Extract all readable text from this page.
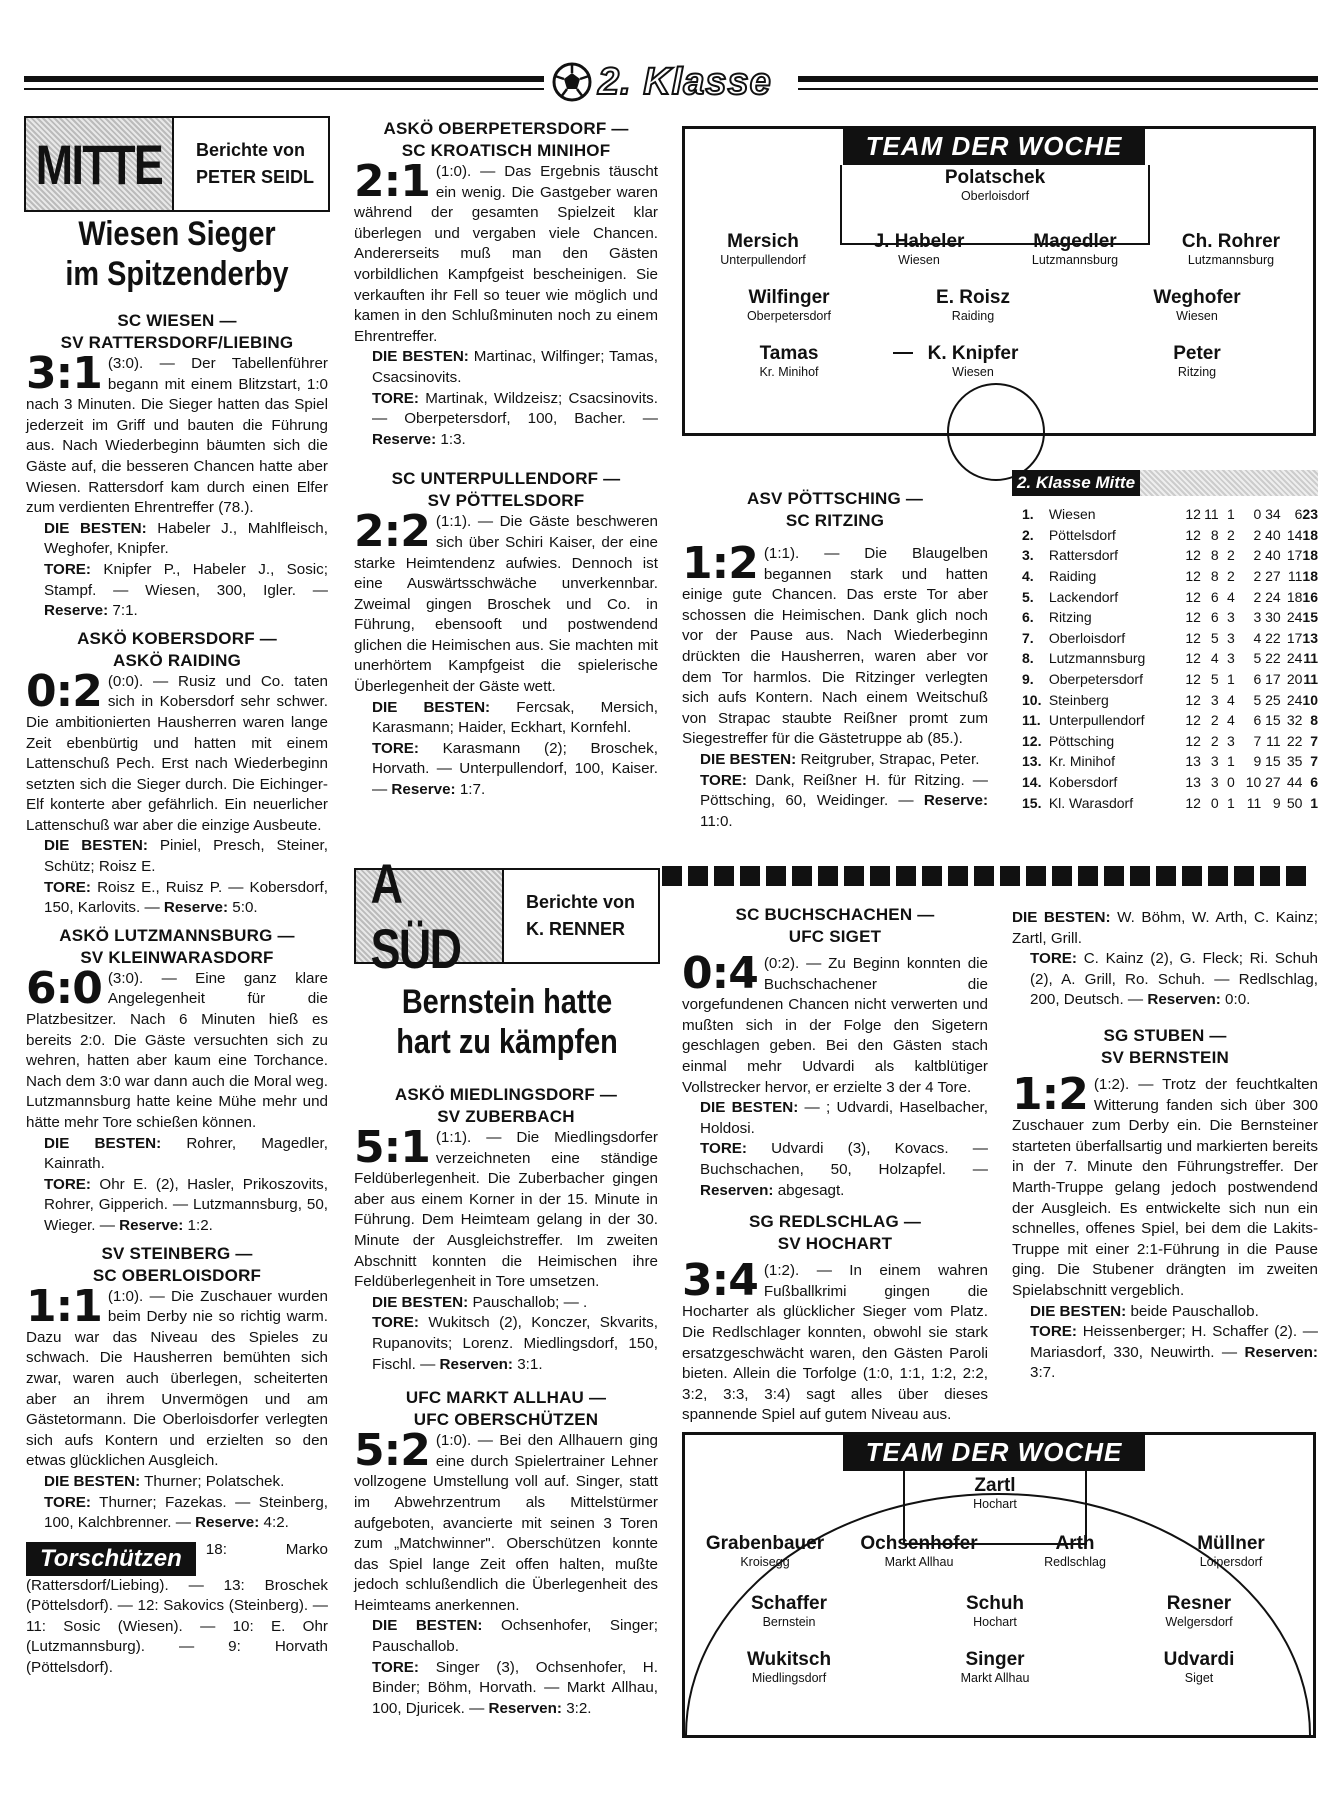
2. Klasse
MITTE Berichte von
PETER SEIDL
Wiesen Sieger
im Spitzenderby

SC WIESEN —

SV RATTERSDORF/LIEBING

3:1 (3:0). — Der Tabellenführer begann mit einem Blitzstart, 1:0 nach 3 Minuten. Die Sieger hatten das Spiel jederzeit im Griff und bauten die Führung aus. Nach Wiederbeginn bäumten sich die Gäste auf, die besseren Chancen hatte aber Wiesen. Rattersdorf kam durch einen Elfer zum verdienten Ehrentreffer (78.).
DIE BESTEN: Habeler J., Mahlfleisch, Weghofer, Knipfer.
TORE: Knipfer P., Habeler J., Sosic; Stampf. — Wiesen, 300, Igler. — Reserve: 7:1.

ASKÖ KOBERSDORF —

ASKÖ RAIDING

0:2 (0:0). — Rusiz und Co. taten sich in Kobersdorf sehr schwer. Die ambitionierten Hausherren waren lange Zeit ebenbürtig und hatten mit einem Lattenschuß Pech. Erst nach Wiederbeginn setzten sich die Sieger durch. Die Eichinger-Elf konterte aber gefährlich. Ein neuerlicher Lattenschuß war aber die einzige Ausbeute.
DIE BESTEN: Piniel, Presch, Steiner, Schütz; Roisz E.
TORE: Roisz E., Ruisz P. — Kobersdorf, 150, Karlovits. — Reserve: 5:0.

ASKÖ LUTZMANNSBURG —

SV KLEINWARASDORF

6:0 (3:0). — Eine ganz klare Angelegenheit für die Platzbesitzer. Nach 6 Minuten hieß es bereits 2:0. Die Gäste versuchten sich zu wehren, hatten aber kaum eine Torchance. Nach dem 3:0 war dann auch die Moral weg. Lutzmannsburg hatte keine Mühe mehr und hätte mehr Tore schießen können.
DIE BESTEN: Rohrer, Magedler, Kainrath.
TORE: Ohr E. (2), Hasler, Prikoszovits, Rohrer, Gipperich. — Lutzmannsburg, 50, Wieger. — Reserve: 1:2.

SV STEINBERG —

SC OBERLOISDORF

1:1 (1:0). — Die Zuschauer wurden beim Derby nie so richtig warm. Dazu war das Niveau des Spieles zu schwach. Die Hausherren bemühten sich zwar, waren auch überlegen, scheiterten aber an ihrem Unvermögen und am Gästetormann. Die Oberloisdorfer verlegten sich aufs Kontern und erzielten so den etwas glücklichen Ausgleich.
DIE BESTEN: Thurner; Polatschek.
TORE: Thurner; Fazekas. — Steinberg, 100, Kalchbrenner. — Reserve: 4:2.

Torschützen	18: Marko (Rattersdorf/Liebing). — 13: Broschek (Pöttelsdorf). — 12: Sakovics (Steinberg). — 11: Sosic (Wiesen). — 10: E. Ohr (Lutzmannsburg). — 9: Horvath (Pöttelsdorf).

ASKÖ OBERPETERSDORF —

SC KROATISCH MINIHOF

2:1 (1:0). — Das Ergebnis täuscht ein wenig. Die Gastgeber waren während der gesamten Spielzeit klar überlegen und vergaben viele Chancen. Andererseits muß man den Gästen vorbildlichen Kampfgeist bescheinigen. Sie verkauften ihr Fell so teuer wie möglich und kamen in den Schlußminuten noch zu einem Ehrentreffer.
DIE BESTEN: Martinac, Wilfinger; Tamas, Csacsinovits.
TORE: Martinak, Wildzeisz; Csacsinovits. — Oberpetersdorf, 100, Bacher. — Reserve: 1:3.

SC UNTERPULLENDORF —

SV PÖTTELSDORF

2:2 (1:1). — Die Gäste beschweren sich über Schiri Kaiser, der eine starke Heimtendenz aufwies. Dennoch ist eine Auswärtsschwäche unverkennbar. Zweimal gingen Broschek und Co. in Führung, ebensooft und postwendend glichen die Heimischen aus. Sie machten mit unerhörtem Kampfgeist die spielerische Überlegenheit der Gäste wett.
DIE BESTEN: Fercsak, Mersich, Karasmann; Haider, Eckhart, Kornfehl.
TORE: Karasmann (2); Broschek, Horvath. — Unterpullendorf, 100, Kaiser. — Reserve: 1:7.

A SÜD
Berichte von
K. RENNER
Bernstein hatte
hart zu kämpfen

ASKÖ MIEDLINGSDORF —

SV ZUBERBACH

5:1 (1:1). — Die Miedlingsdorfer verzeichneten eine ständige Feldüberlegenheit. Die Zuberbacher gingen aber aus einem Korner in der 15. Minute in Führung. Dem Heimteam gelang in der 30. Minute der Ausgleichstreffer. Im zweiten Abschnitt konnten die Heimischen ihre Feldüberlegenheit in Tore umsetzen.
DIE BESTEN: Pauschallob; — .
TORE: Wukitsch (2), Konczer, Skvarits, Rupanovits; Lorenz. Miedlingsdorf, 150, Fischl. — Reserven: 3:1.

UFC MARKT ALLHAU —

UFC OBERSCHÜTZEN

5:2 (1:0). — Bei den Allhauern ging eine durch Spielertrainer Lehner vollzogene Umstellung voll auf. Singer, statt im Abwehrzentrum als Mittelstürmer aufgeboten, avancierte mit seinen 3 Toren zum „Matchwinner". Oberschützen konnte das Spiel lange Zeit offen halten, mußte jedoch schlußendlich die Überlegenheit des Heimteams anerkennen.
DIE BESTEN: Ochsenhofer, Singer; Pauschallob.
TORE: Singer (3), Ochsenhofer, H. Binder; Böhm, Horvath. — Markt Allhau, 100, Djuricek. — Reserven: 3:2.

TEAM DER WOCHE
Polatschek
Oberloisdorf
Mersich
Unterpullendorf
J. Habeler
Wiesen
Magedler
Lutzmannsburg
Ch. Rohrer
Lutzmannsburg
Wilfinger
Oberpetersdorf
E. Roisz
Raiding
Weghofer
Wiesen
Tamas
Kr. Minihof
K. Knipfer
Wiesen
Peter
Ritzing

ASV PÖTTSCHING —

SC RITZING

1:2 (1:1). — Die Blaugelben begannen stark und hatten einige gute Chancen. Das erste Tor aber schossen die Heimischen. Dank glich noch vor der Pause aus. Nach Wiederbeginn drückten die Hausherren, waren aber vor dem Tor harmlos. Die Ritzinger verlegten sich aufs Kontern. Nach einem Weitschuß von Strapac staubte Reißner promt zum Siegestreffer für die Gästetruppe ab (85.).
DIE BESTEN: Reitgruber, Strapac, Peter.
TORE: Dank, Reißner H. für Ritzing. — Pöttsching, 60, Weidinger. — Reserve: 11:0.

2. Klasse Mitte
1.	Wiesen	12	11	1	0	34	6	23
2.	Pöttelsdorf	12	8	2	2	40	14	18
3.	Rattersdorf	12	8	2	2	40	17	18
4.	Raiding	12	8	2	2	27	11	18
5.	Lackendorf	12	6	4	2	24	18	16
6.	Ritzing	12	6	3	3	30	24	15
7.	Oberloisdorf	12	5	3	4	22	17	13
8.	Lutzmannsburg	12	4	3	5	22	24	11
9.	Oberpetersdorf	12	5	1	6	17	20	11
10.	Steinberg	12	3	4	5	25	24	10
11.	Unterpullendorf	12	2	4	6	15	32	8
12.	Pöttsching	12	2	3	7	11	22	7
13.	Kr. Minihof	13	3	1	9	15	35	7
14.	Kobersdorf	13	3	0	10	27	44	6
15.	Kl. Warasdorf	12	0	1	11	9	50	1

SC BUCHSCHACHEN —

UFC SIGET

0:4 (0:2). — Zu Beginn konnten die Buchschachener die vorgefundenen Chancen nicht verwerten und mußten sich in der Folge den Sigetern geschlagen geben. Bei den Gästen stach einmal mehr Udvardi als kaltblütiger Vollstrecker hervor, er erzielte 3 der 4 Tore.
DIE BESTEN: — ; Udvardi, Haselbacher, Holdosi.
TORE: Udvardi (3), Kovacs. — Buchschachen, 50, Holzapfel. — Reserven: abgesagt.

SG REDLSCHLAG —

SV HOCHART

3:4 (1:2). — In einem wahren Fußballkrimi gingen die Hocharter als glücklicher Sieger vom Platz. Die Redlschlager konnten, obwohl sie stark ersatzgeschwächt waren, den Gästen Paroli bieten. Allein die Torfolge (1:0, 1:1, 1:2, 2:2, 3:2, 3:3, 3:4) sagt alles über dieses spannende Spiel auf gutem Niveau aus.

DIE BESTEN: W. Böhm, W. Arth, C. Kainz; Zartl, Grill.
TORE: C. Kainz (2), G. Fleck; Ri. Schuh (2), A. Grill, Ro. Schuh. — Redlschlag, 200, Deutsch. — Reserven: 0:0.

SG STUBEN —

SV BERNSTEIN

1:2 (1:2). — Trotz der feuchtkalten Witterung fanden sich über 300 Zuschauer zum Derby ein. Die Bernsteiner starteten überfallsartig und markierten bereits in der 7. Minute den Führungstreffer. Der Marth-Truppe gelang jedoch postwendend der Ausgleich. Es entwickelte sich nun ein schnelles, offenes Spiel, bei dem die Lakits-Truppe mit einer 2:1-Führung in die Pause ging. Die Stubener drängten im zweiten Spielabschnitt vergeblich.
DIE BESTEN: beide Pauschallob.
TORE: Heissenberger; H. Schaffer (2). — Mariasdorf, 330, Neuwirth. — Reserven: 3:7.

TEAM DER WOCHE
Zartl
Hochart
Grabenbauer
Kroisegg
Ochsenhofer
Markt Allhau
Arth
Redlschlag
Müllner
Loipersdorf
Schaffer
Bernstein
Schuh
Hochart
Resner
Welgersdorf
Wukitsch
Miedlingsdorf
Singer
Markt Allhau
Udvardi
Siget
